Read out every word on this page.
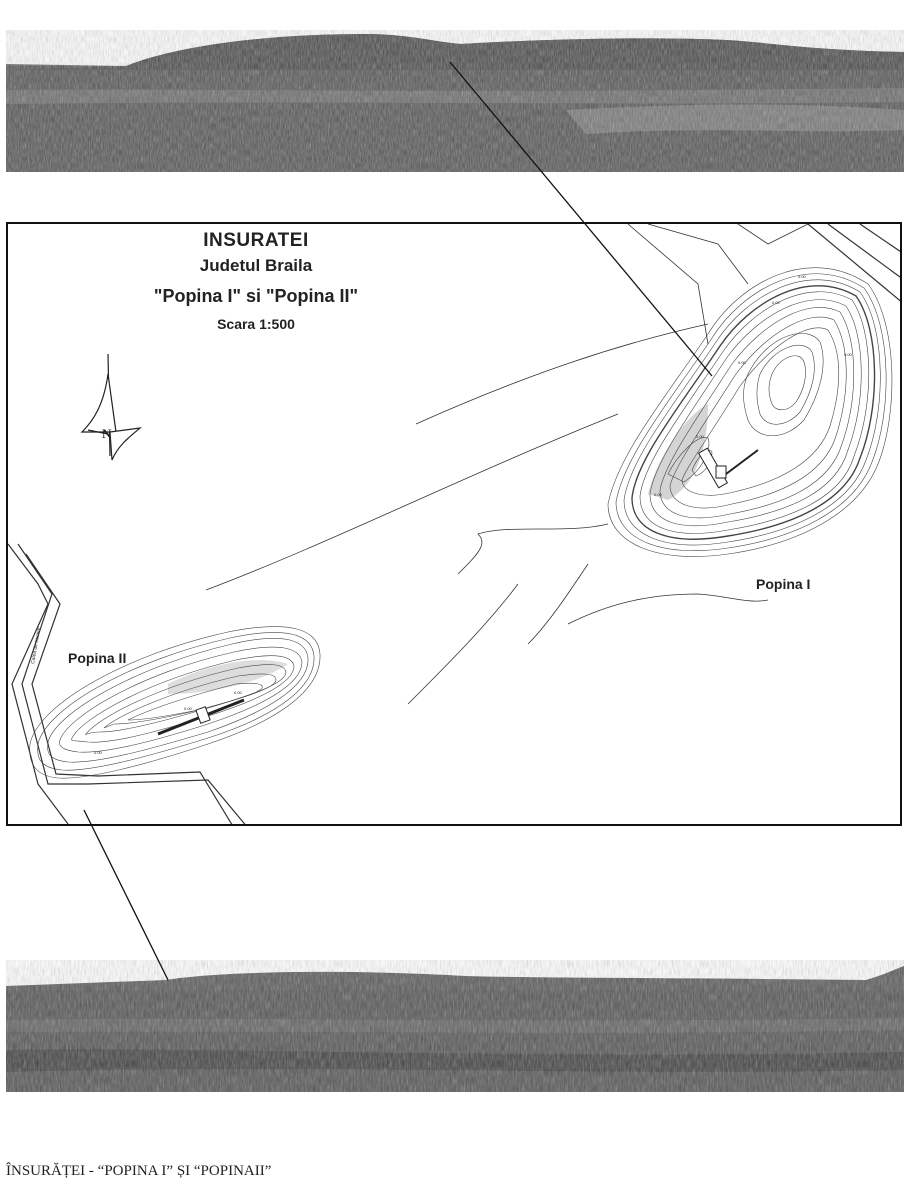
N
0.00
0.00
0.00
0.00
0.00
0.00
0.00
0.00
0.00
Calea de trecere
INSURATEI
Judetul Braila
"Popina I" si "Popina II"
Scara 1:500
Popina I
Popina II
ÎNSURĂȚEI - “POPINA I” ȘI “POPINAII”
